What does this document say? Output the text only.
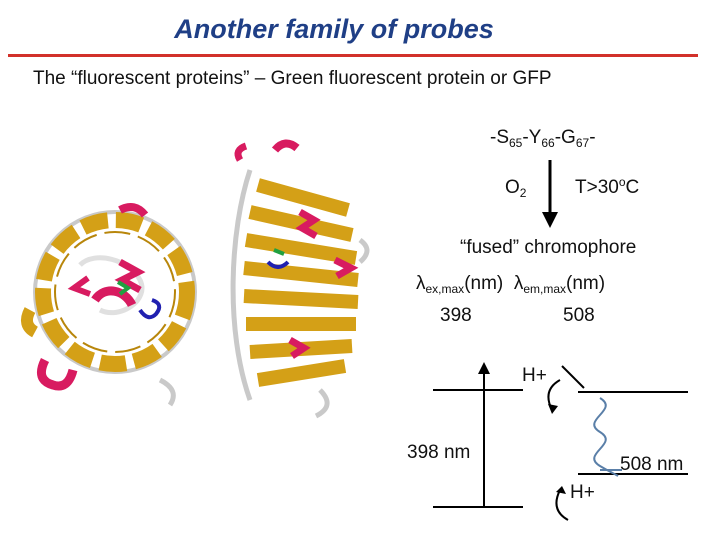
Another family of probes
The “fluorescent proteins” – Green fluorescent protein or GFP
$-S_{65}-Y_{66}-G_{67}-$
$O_2$	$T>30^oC$
“fused” chromophore
$\lambda_{ex,max}(nm)$ $\lambda_{em,max}(nm)$
398	508
H+
398 nm
508 nm
H+
